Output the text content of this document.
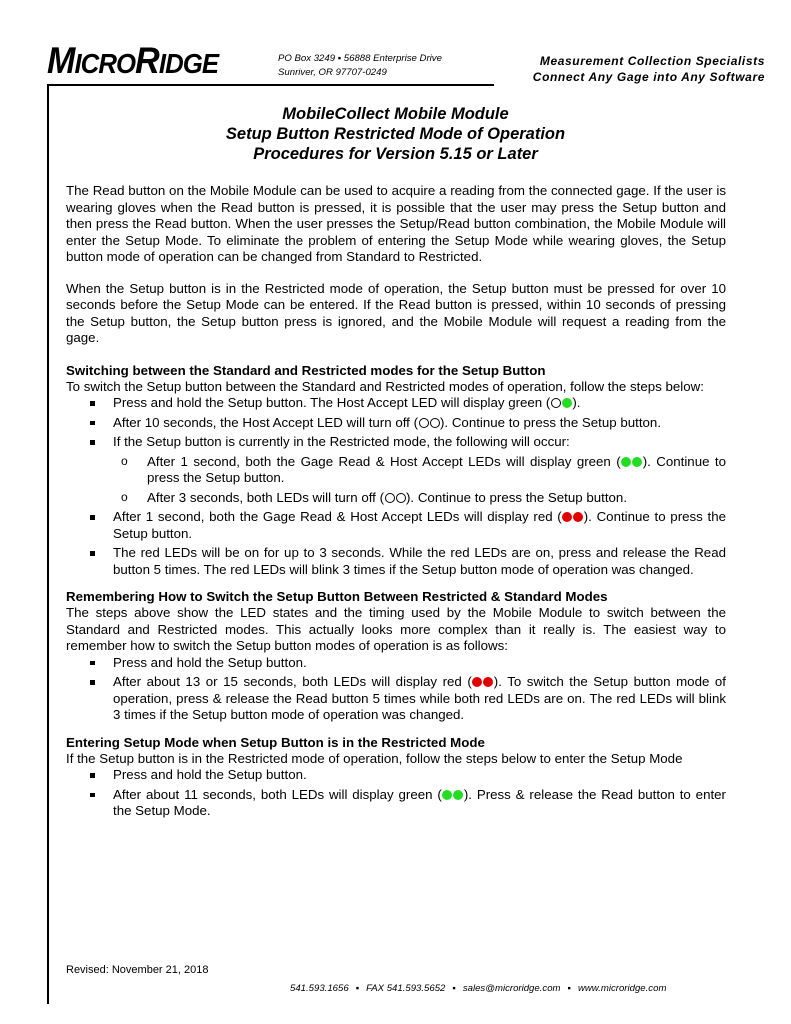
MICRORIDGE	PO Box 3249 ▪ 56888 Enterprise Drive
Sunriver, OR 97707-0249
Measurement Collection Specialists
Connect Any Gage into Any Software
MobileCollect Mobile Module
Setup Button Restricted Mode of Operation
Procedures for Version 5.15 or Later

The Read button on the Mobile Module can be used to acquire a reading from the connected gage. If the user is wearing gloves when the Read button is pressed, it is possible that the user may press the Setup button and then press the Read button. When the user presses the Setup/Read button combination, the Mobile Module will enter the Setup Mode. To eliminate the problem of entering the Setup Mode while wearing gloves, the Setup button mode of operation can be changed from Standard to Restricted.

When the Setup button is in the Restricted mode of operation, the Setup button must be pressed for over 10 seconds before the Setup Mode can be entered. If the Read button is pressed, within 10 seconds of pressing the Setup button, the Setup button press is ignored, and the Mobile Module will request a reading from the gage.

Switching between the Standard and Restricted modes for the Setup Button

To switch the Setup button between the Standard and Restricted modes of operation, follow the steps below:

Press and hold the Setup button. The Host Accept LED will display green ( ).
After 10 seconds, the Host Accept LED will turn off ( ). Continue to press the Setup button.
If the Setup button is currently in the Restricted mode, the following will occur:
o After 1 second, both the Gage Read & Host Accept LEDs will display green ( ). Continue to press the Setup button.
o After 3 seconds, both LEDs will turn off ( ). Continue to press the Setup button.
After 1 second, both the Gage Read & Host Accept LEDs will display red ( ). Continue to press the Setup button.
The red LEDs will be on for up to 3 seconds. While the red LEDs are on, press and release the Read button 5 times. The red LEDs will blink 3 times if the Setup button mode of operation was changed.
Remembering How to Switch the Setup Button Between Restricted & Standard Modes

The steps above show the LED states and the timing used by the Mobile Module to switch between the Standard and Restricted modes. This actually looks more complex than it really is. The easiest way to remember how to switch the Setup button modes of operation is as follows:

Press and hold the Setup button.
After about 13 or 15 seconds, both LEDs will display red ( ). To switch the Setup button mode of operation, press & release the Read button 5 times while both red LEDs are on. The red LEDs will blink 3 times if the Setup button mode of operation was changed.
Entering Setup Mode when Setup Button is in the Restricted Mode

If the Setup button is in the Restricted mode of operation, follow the steps below to enter the Setup Mode

Press and hold the Setup button.
After about 11 seconds, both LEDs will display green ( ). Press & release the Read button to enter the Setup Mode.
Revised: November 21, 2018
541.593.1656 ▪ FAX 541.593.5652 ▪ sales@microridge.com ▪ www.microridge.com
